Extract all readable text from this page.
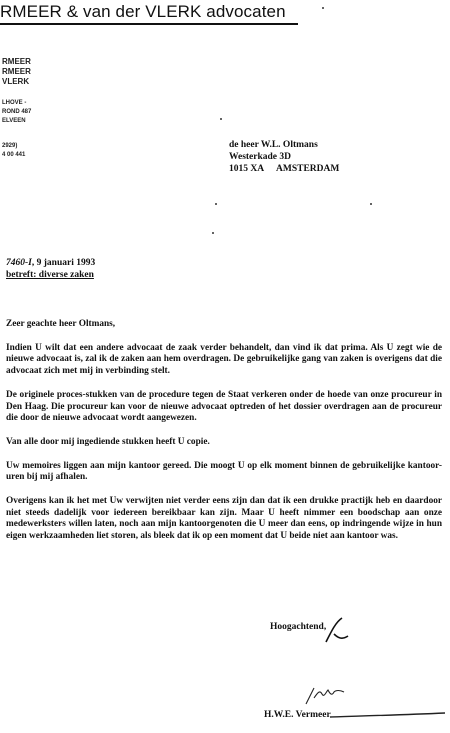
RMEER & van der VLERK advocaten
RMEER
RMEER
VLERK
LHOVE -
ROND 487
ELVEEN
2929)
4 00 441
de heer W.L. Oltmans
Westerkade 3D
1015 XA AMSTERDAM
7460-I, 9 januari 1993
betreft: diverse zaken

Zeer geachte heer Oltmans,

Indien U wilt dat een andere advocaat de zaak verder behandelt, dan vind ik dat prima. Als U zegt wie de nieuwe advocaat is, zal ik de zaken aan hem overdragen. De gebruikelijke gang van zaken is overigens dat die advocaat zich met mij in verbinding stelt.

De originele proces-stukken van de procedure tegen de Staat verkeren onder de hoede van onze procureur in Den Haag. Die procureur kan voor de nieuwe advocaat optreden of het dossier overdragen aan de procureur die door de nieuwe advocaat wordt aangewezen.

Van alle door mij ingediende stukken heeft U copie.

Uw memoires liggen aan mijn kantoor gereed. Die moogt U op elk moment binnen de gebruikelijke kantoor-uren bij mij afhalen.

Overigens kan ik het met Uw verwijten niet verder eens zijn dan dat ik een drukke practijk heb en daardoor niet steeds dadelijk voor iedereen bereikbaar kan zijn. Maar U heeft nimmer een boodschap aan onze medewerksters willen laten, noch aan mijn kantoorgenoten die U meer dan eens, op indringende wijze in hun eigen werkzaamheden liet storen, als bleek dat ik op een moment dat U beide niet aan kantoor was.

Hoogachtend,
H.W.E. Vermeer
